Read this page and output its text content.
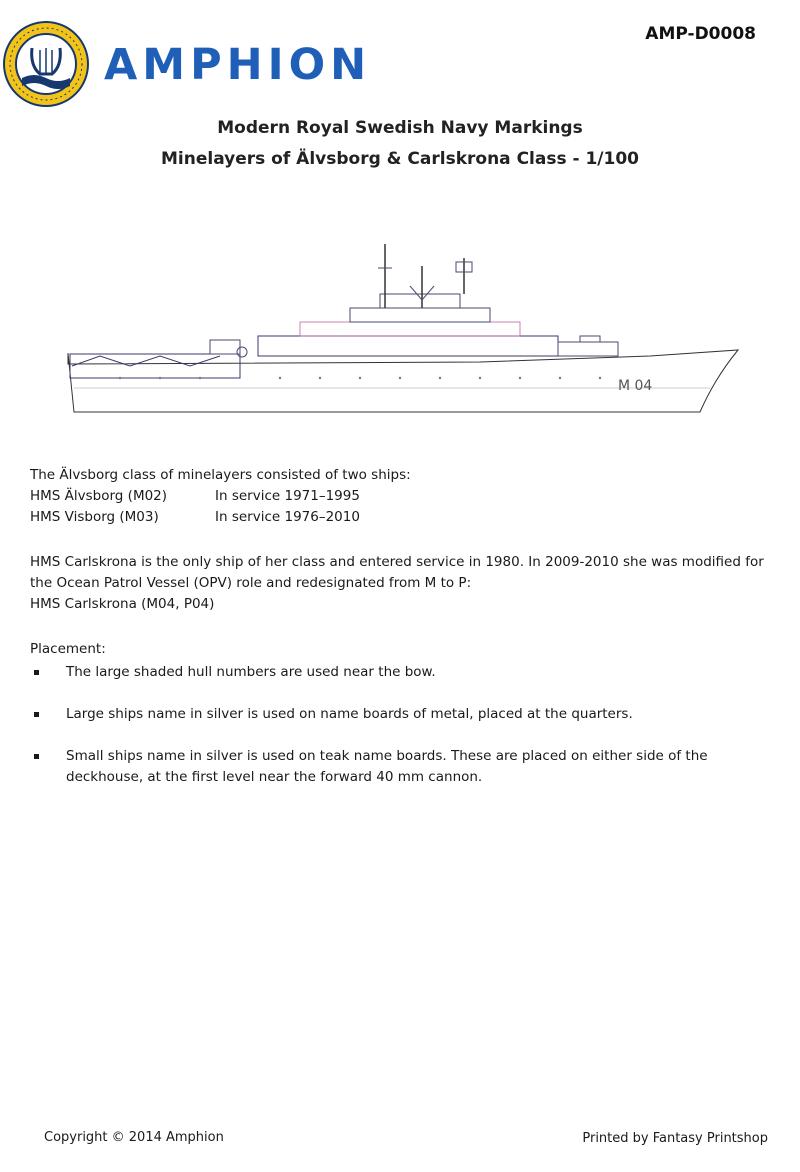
AMPHION
AMP-D0008
Modern Royal Swedish Navy Markings
Minelayers of Älvsborg & Carlskrona Class - 1/100
M 04
The Älvsborg class of minelayers consisted of two ships:
HMS Älvsborg (M02)	In service 1971–1995
HMS Visborg (M03)	In service 1976–2010
HMS Carlskrona is the only ship of her class and entered service in 1980. In 2009-2010 she was modified for the Ocean Patrol Vessel (OPV) role and redesignated from M to P:
HMS Carlskrona (M04, P04)
Placement:
The large shaded hull numbers are used near the bow.
Large ships name in silver is used on name boards of metal, placed at the quarters.
Small ships name in silver is used on teak name boards. These are placed on either side of the deckhouse, at the first level near the forward 40 mm cannon.
Copyright © 2014 Amphion	Printed by Fantasy Printshop
